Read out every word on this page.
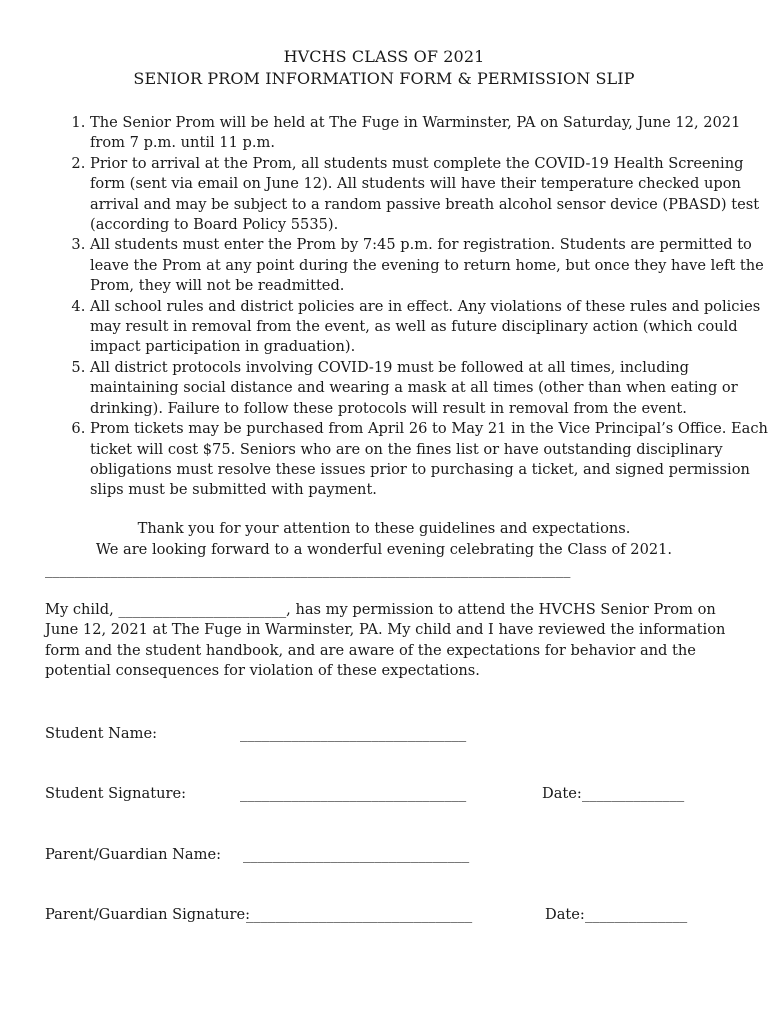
HVCHS CLASS OF 2021
SENIOR PROM INFORMATION FORM & PERMISSION SLIP
1. The Senior Prom will be held at The Fuge in Warminster, PA on Saturday, June 12, 2021 from 7 p.m. until 11 p.m.
2. Prior to arrival at the Prom, all students must complete the COVID-19 Health Screening form (sent via email on June 12). All students will have their temperature checked upon arrival and may be subject to a random passive breath alcohol sensor device (PBASD) test (according to Board Policy 5535).
3. All students must enter the Prom by 7:45 p.m. for registration. Students are permitted to leave the Prom at any point during the evening to return home, but once they have left the Prom, they will not be readmitted.
4. All school rules and district policies are in effect. Any violations of these rules and policies may result in removal from the event, as well as future disciplinary action (which could impact participation in graduation).
5. All district protocols involving COVID-19 must be followed at all times, including maintaining social distance and wearing a mask at all times (other than when eating or drinking). Failure to follow these protocols will result in removal from the event.
6. Prom tickets may be purchased from April 26 to May 21 in the Vice Principal’s Office. Each ticket will cost $75. Seniors who are on the fines list or have outstanding disciplinary obligations must resolve these issues prior to purchasing a ticket, and signed permission slips must be submitted with payment.
Thank you for your attention to these guidelines and expectations.
We are looking forward to a wonderful evening celebrating the Class of 2021.
________________________________________________________________________
My child, _______________________, has my permission to attend the HVCHS Senior Prom on June 12, 2021 at The Fuge in Warminster, PA. My child and I have reviewed the information form and the student handbook, and are aware of the expectations for behavior and the potential consequences for violation of these expectations.
Student Name:	_______________________________
Student Signature:	_______________________________	Date: ______________
Parent/Guardian Name: _______________________________
Parent/Guardian Signature:
_______________________________	Date: ______________
